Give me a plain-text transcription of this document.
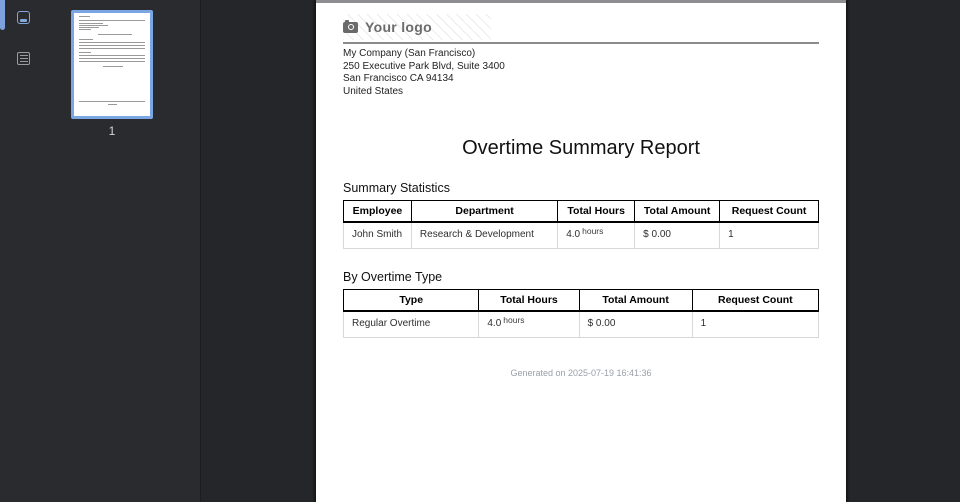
1
Your logo
My Company (San Francisco)
250 Executive Park Blvd, Suite 3400
San Francisco CA 94134
United States
Overtime Summary Report
Summary Statistics
Employee	Department	Total Hours	Total Amount	Request Count
John Smith	Research & Development	4.0 $^{hours}$	$ 0.00	1
By Overtime Type
Type	Total Hours	Total Amount	Request Count
Regular Overtime	4.0 $^{hours}$	$ 0.00	1
Generated on 2025-07-19 16:41:36
